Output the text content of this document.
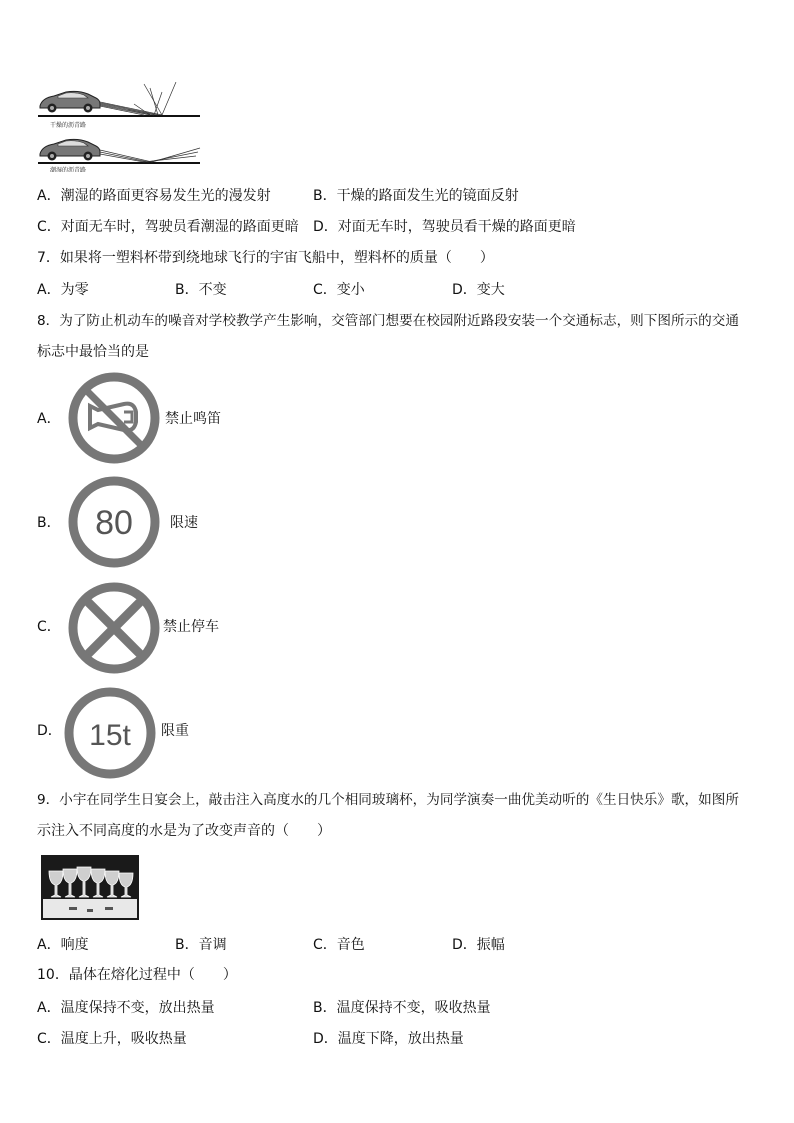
干燥的沥青路
潮湿的沥青路
A．潮湿的路面更容易发生光的漫发射	B．干燥的路面发生光的镜面反射
C．对面无车时，驾驶员看潮湿的路面更暗 D．对面无车时，驾驶员看干燥的路面更暗
7．如果将一塑料杯带到绕地球飞行的宇宙飞船中，塑料杯的质量（　　）
A．为零	B．不变	C．变小	D．变大
8．为了防止机动车的噪音对学校教学产生影响，交管部门想要在校园附近路段安装一个交通标志，则下图所示的交通
标志中最恰当的是
A．	禁止鸣笛
B． 80	限速
C．	禁止停车
D． 15t 限重
9．小宇在同学生日宴会上，敲击注入高度水的几个相同玻璃杯，为同学演奏一曲优美动听的《生日快乐》歌，如图所
示注入不同高度的水是为了改变声音的（　　）
A．响度	B．音调	C．音色	D．振幅
10．晶体在熔化过程中（　　）
A．温度保持不变，放出热量	B．温度保持不变，吸收热量
C．温度上升，吸收热量	D．温度下降，放出热量
